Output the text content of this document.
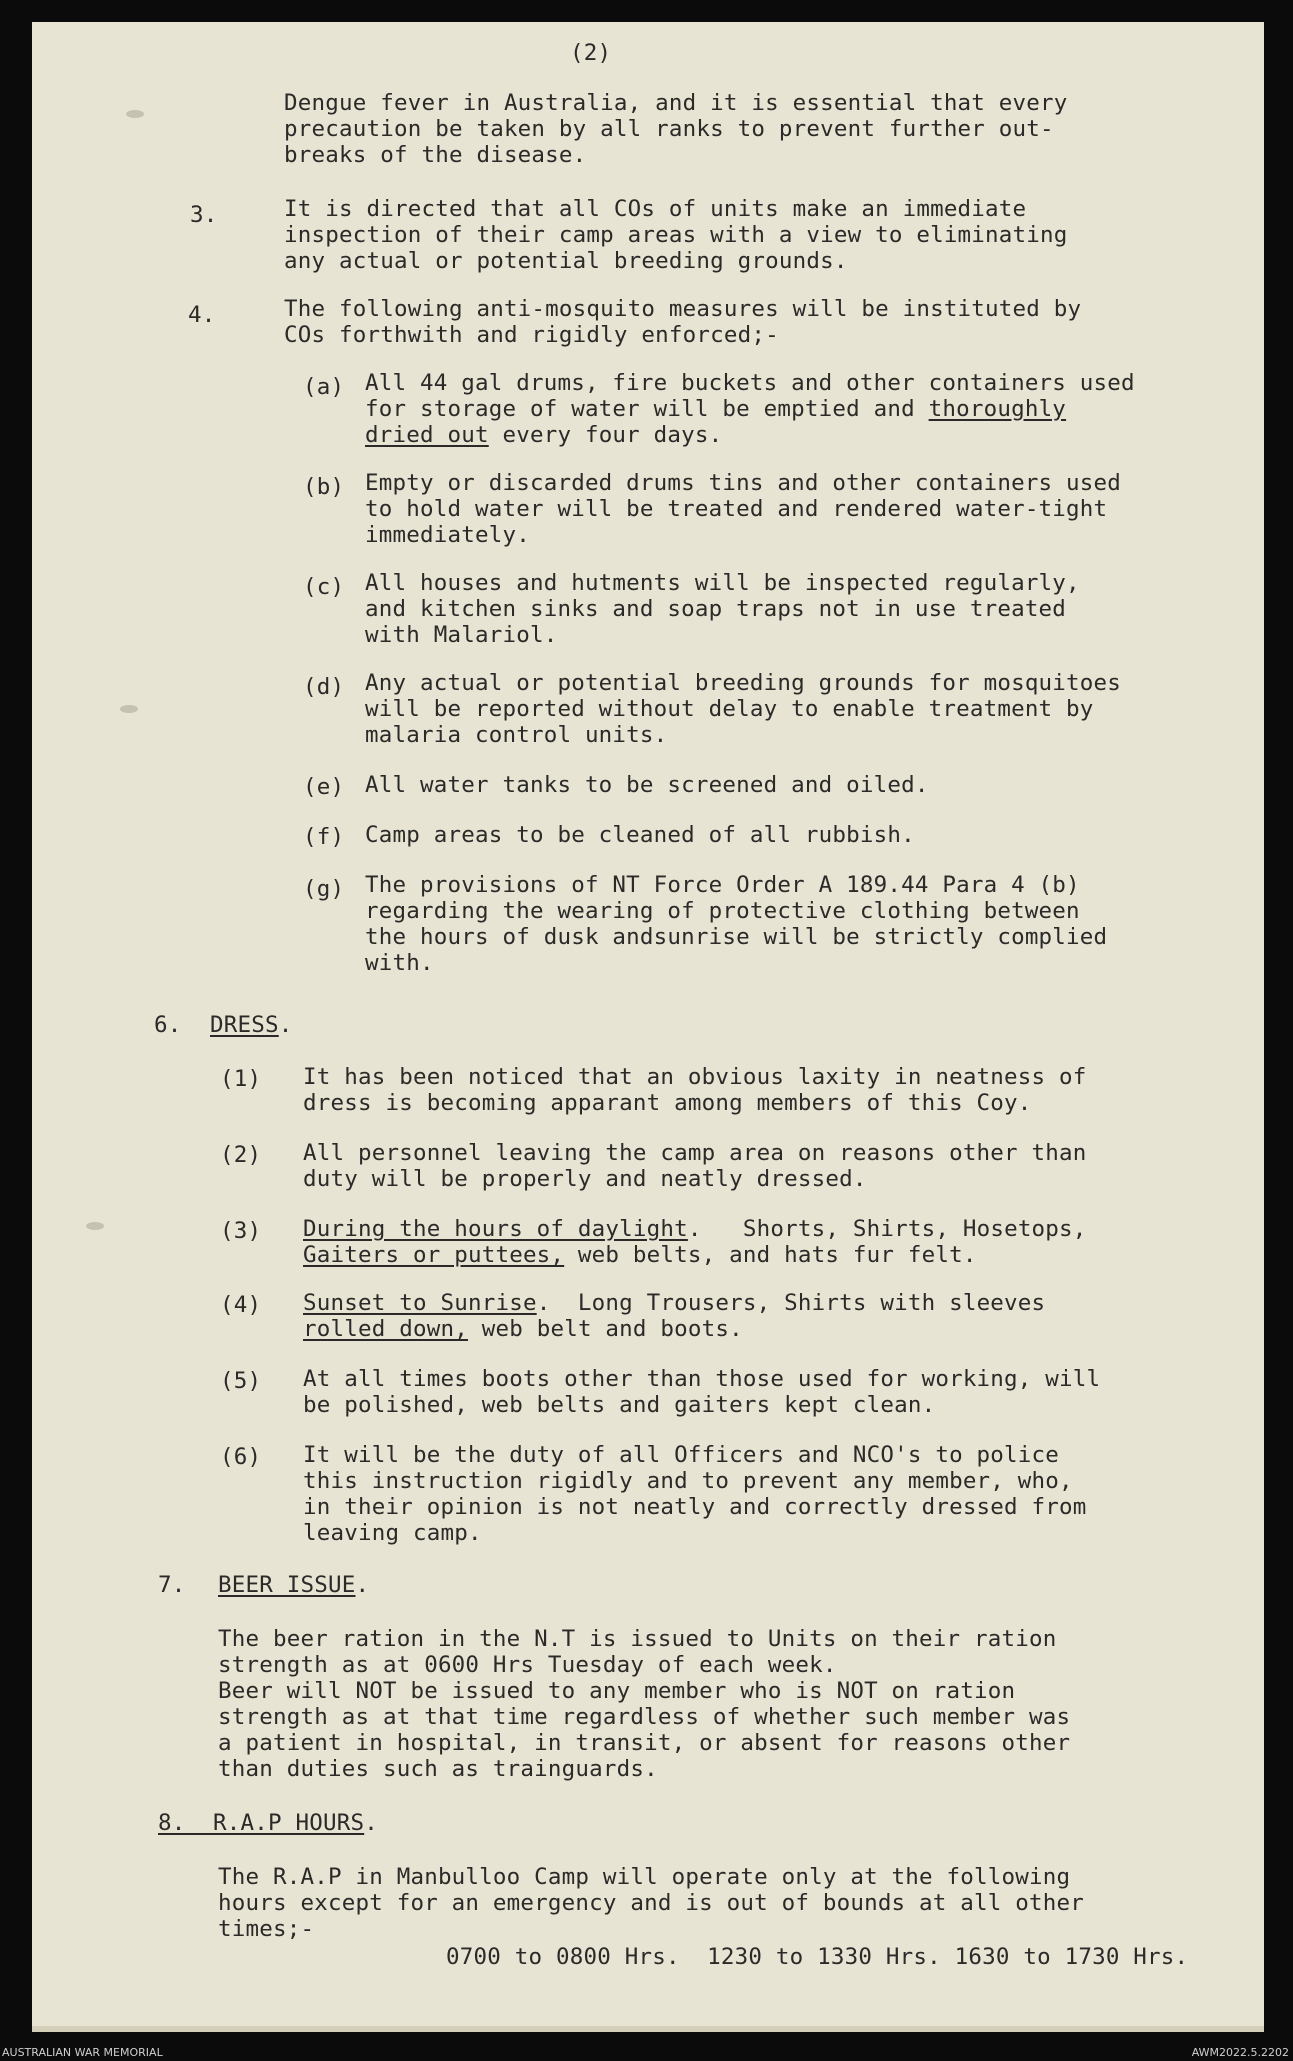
(2)

Dengue fever in Australia, and it is essential that every

precaution be taken by all ranks to prevent further out-

breaks of the disease.

3.	It is directed that all COs of units make an immediate

inspection of their camp areas with a view to eliminating

any actual or potential breeding grounds.

4.	The following anti-mosquito measures will be instituted by

COs forthwith and rigidly enforced;-

(a) All 44 gal drums, fire buckets and other containers used

for storage of water will be emptied and thoroughly

dried out every four days.

(b) Empty or discarded drums tins and other containers used

to hold water will be treated and rendered water-tight

immediately.

(c) All houses and hutments will be inspected regularly,

and kitchen sinks and soap traps not in use treated

with Malariol.

(d) Any actual or potential breeding grounds for mosquitoes

will be reported without delay to enable treatment by

malaria control units.

(e) All water tanks to be screened and oiled.

(f) Camp areas to be cleaned of all rubbish.

(g) The provisions of NT Force Order A 189.44 Para 4 (b)

regarding the wearing of protective clothing between

the hours of dusk andsunrise will be strictly complied

with.

6. DRESS.

(1) It has been noticed that an obvious laxity in neatness of

dress is becoming apparant among members of this Coy.

(2) All personnel leaving the camp area on reasons other than

duty will be properly and neatly dressed.

(3) During the hours of daylight.   Shorts, Shirts, Hosetops,

Gaiters or puttees, web belts, and hats fur felt.

(4) Sunset to Sunrise.  Long Trousers, Shirts with sleeves

rolled down, web belt and boots.

(5) At all times boots other than those used for working, will

be polished, web belts and gaiters kept clean.

(6) It will be the duty of all Officers and NCO's to police

this instruction rigidly and to prevent any member, who,

in their opinion is not neatly and correctly dressed from

leaving camp.

7. BEER ISSUE.

The beer ration in the N.T is issued to Units on their ration

strength as at 0600 Hrs Tuesday of each week.

Beer will NOT be issued to any member who is NOT on ration

strength as at that time regardless of whether such member was

a patient in hospital, in transit, or absent for reasons other

than duties such as trainguards.

8.  R.A.P HOURS.

The R.A.P in Manbulloo Camp will operate only at the following

hours except for an emergency and is out of bounds at all other

times;-

0700 to 0800 Hrs.  1230 to 1330 Hrs. 1630 to 1730 Hrs.

AUSTRALIAN WAR MEMORIAL	AWM2022.5.2202
